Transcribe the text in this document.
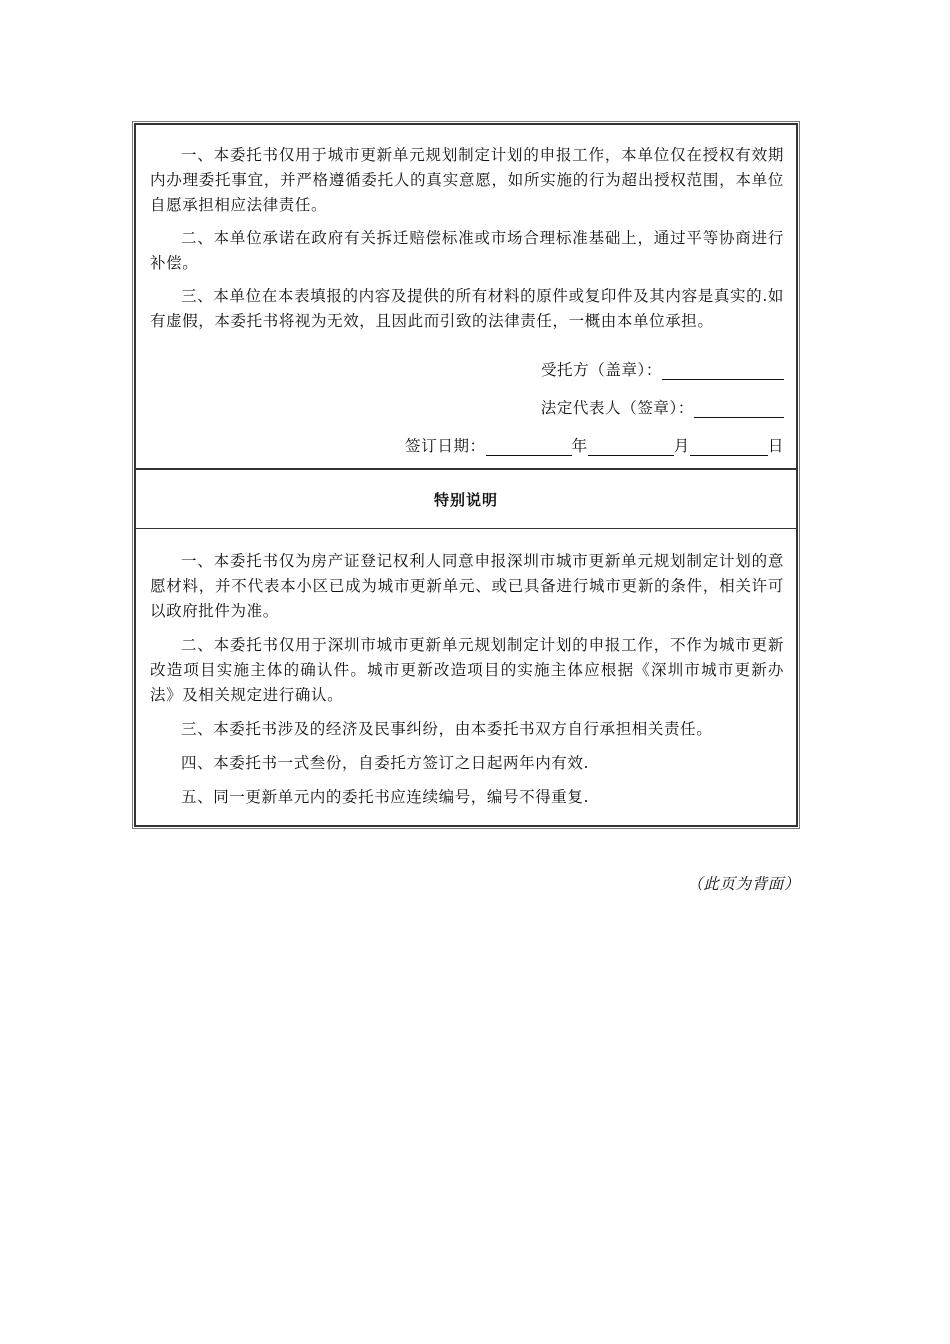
一、本委托书仅用于城市更新单元规划制定计划的申报工作，本单位仅在授权有效期内办理委托事宜，并严格遵循委托人的真实意愿，如所实施的行为超出授权范围，本单位自愿承担相应法律责任。

二、本单位承诺在政府有关拆迁赔偿标准或市场合理标准基础上，通过平等协商进行补偿。

三、本单位在本表填报的内容及提供的所有材料的原件或复印件及其内容是真实的.如有虚假，本委托书将视为无效，且因此而引致的法律责任，一概由本单位承担。

受托方（盖章）：
法定代表人（签章）：
签订日期：	年	月	日
特别说明

一、本委托书仅为房产证登记权利人同意申报深圳市城市更新单元规划制定计划的意愿材料，并不代表本小区已成为城市更新单元、或已具备进行城市更新的条件，相关许可以政府批件为准。

二、本委托书仅用于深圳市城市更新单元规划制定计划的申报工作，不作为城市更新改造项目实施主体的确认件。城市更新改造项目的实施主体应根据《深圳市城市更新办法》及相关规定进行确认。

三、本委托书涉及的经济及民事纠纷，由本委托书双方自行承担相关责任。

四、本委托书一式叁份，自委托方签订之日起两年内有效.

五、同一更新单元内的委托书应连续编号，编号不得重复.

（此页为背面）
